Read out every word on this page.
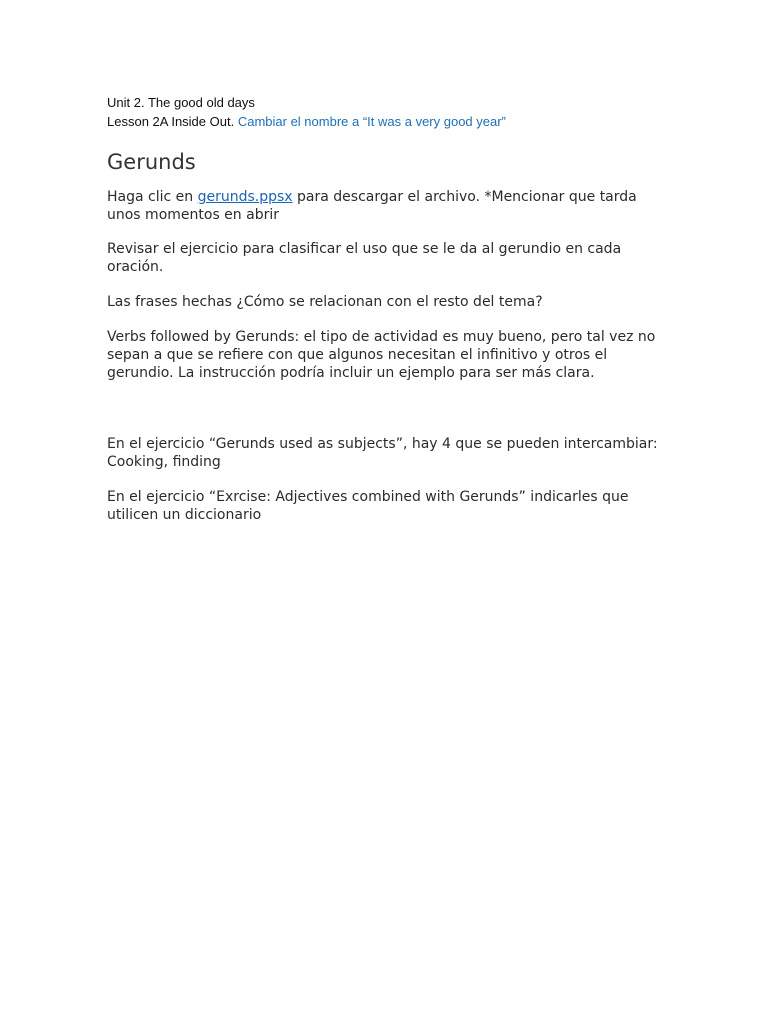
Unit 2. The good old days
Lesson 2A Inside Out. Cambiar el nombre a “It was a very good year”
Gerunds

Haga clic en gerunds.ppsx para descargar el archivo. *Mencionar que tarda unos momentos en abrir

Revisar el ejercicio para clasificar el uso que se le da al gerundio en cada oración.

Las frases hechas ¿Cómo se relacionan con el resto del tema?

Verbs followed by Gerunds: el tipo de actividad es muy bueno, pero tal vez no sepan a que se refiere con que algunos necesitan el infinitivo y otros el gerundio. La instrucción podría incluir un ejemplo para ser más clara.

En el ejercicio “Gerunds used as subjects”, hay 4 que se pueden intercambiar: Cooking, finding

En el ejercicio “Exrcise: Adjectives combined with Gerunds” indicarles que utilicen un diccionario
